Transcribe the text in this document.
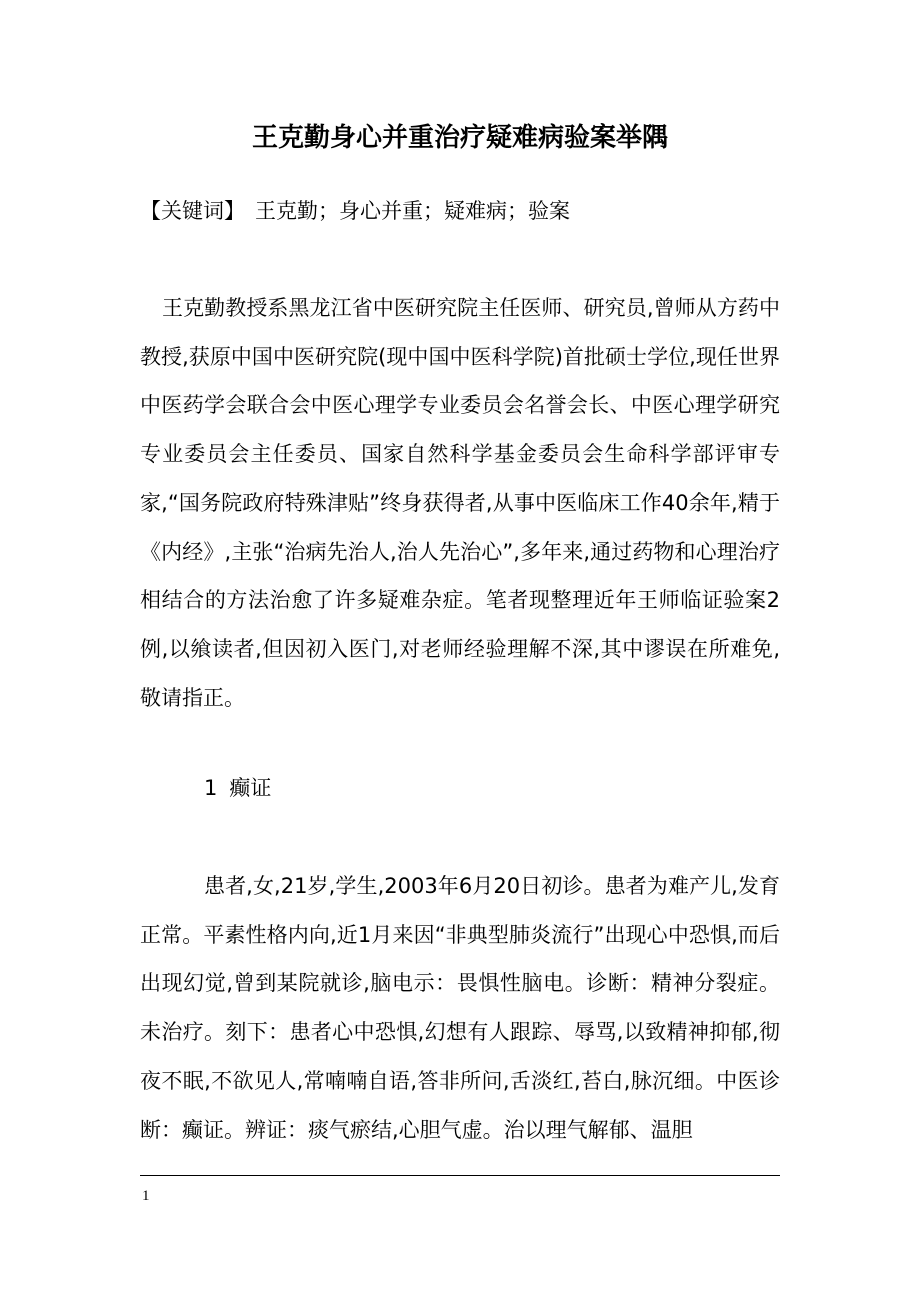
王克勤身心并重治疗疑难病验案举隅

【关键词】 王克勤；身心并重；疑难病；验案

王克勤教授系黑龙江省中医研究院主任医师、研究员,曾师从方药中教授,获原中国中医研究院(现中国中医科学院)首批硕士学位,现任世界中医药学会联合会中医心理学专业委员会名誉会长、中医心理学研究专业委员会主任委员、国家自然科学基金委员会生命科学部评审专家,“国务院政府特殊津贴”终身获得者,从事中医临床工作40余年,精于《内经》,主张“治病先治人,治人先治心”,多年来,通过药物和心理治疗相结合的方法治愈了许多疑难杂症。笔者现整理近年王师临证验案2例,以飨读者,但因初入医门,对老师经验理解不深,其中谬误在所难免,敬请指正。

1 癫证

患者,女,21岁,学生,2003年6月20日初诊。患者为难产儿,发育正常。平素性格内向,近1月来因“非典型肺炎流行”出现心中恐惧,而后出现幻觉,曾到某院就诊,脑电示：畏惧性脑电。诊断：精神分裂症。未治疗。刻下：患者心中恐惧,幻想有人跟踪、辱骂,以致精神抑郁,彻夜不眠,不欲见人,常喃喃自语,答非所问,舌淡红,苔白,脉沉细。中医诊断：癫证。辨证：痰气瘀结,心胆气虚。治以理气解郁、温胆

1
